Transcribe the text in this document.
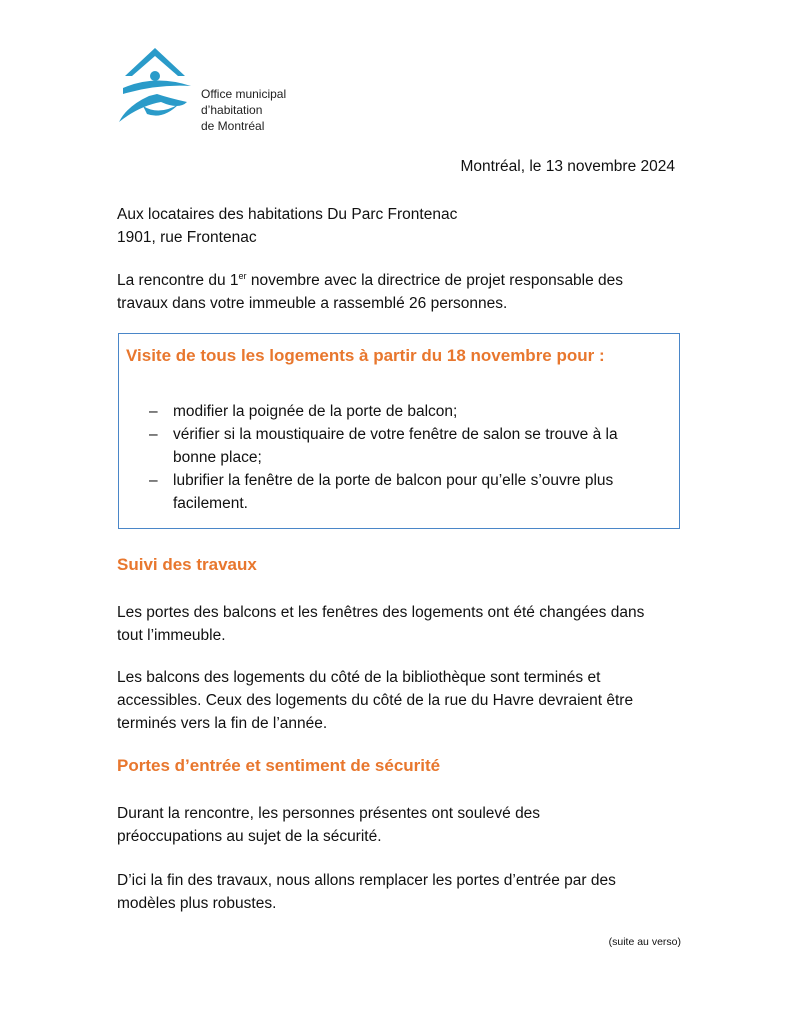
Office municipal
d’habitation
de Montréal
Montréal, le 13 novembre 2024
Aux locataires des habitations Du Parc Frontenac
1901, rue Frontenac
La rencontre du 1er novembre avec la directrice de projet responsable des
travaux dans votre immeuble a rassemblé 26 personnes.
Visite de tous les logements à partir du 18 novembre pour :
– modifier la poignée de la porte de balcon;
– vérifier si la moustiquaire de votre fenêtre de salon se trouve à la
bonne place;
– lubrifier la fenêtre de la porte de balcon pour qu’elle s’ouvre plus
facilement.
Suivi des travaux
Les portes des balcons et les fenêtres des logements ont été changées dans
tout l’immeuble.
Les balcons des logements du côté de la bibliothèque sont terminés et
accessibles. Ceux des logements du côté de la rue du Havre devraient être
terminés vers la fin de l’année.
Portes d’entrée et sentiment de sécurité
Durant la rencontre, les personnes présentes ont soulevé des
préoccupations au sujet de la sécurité.
D’ici la fin des travaux, nous allons remplacer les portes d’entrée par des
modèles plus robustes.
(suite au verso)
